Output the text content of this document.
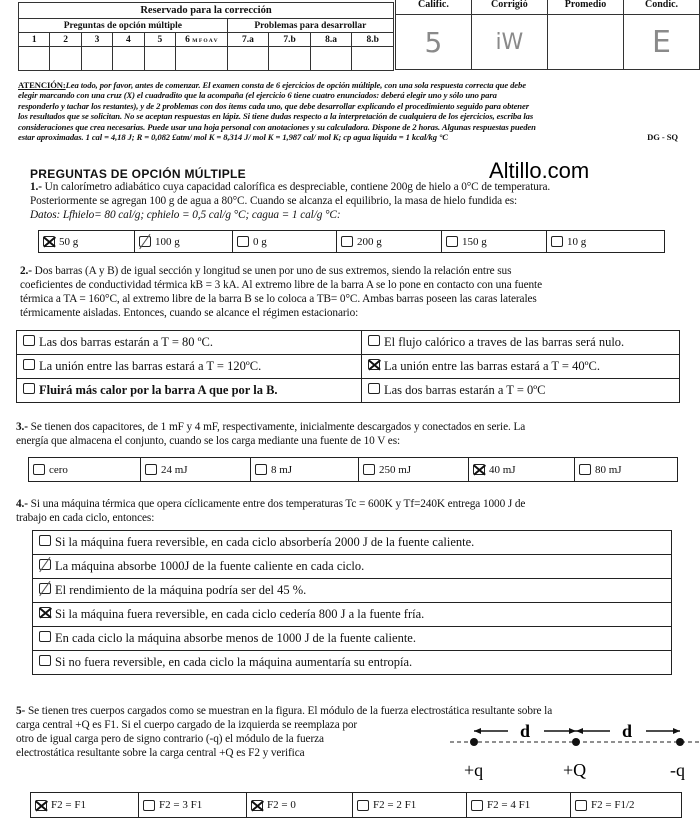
Reservado para la corrección									
Preguntas de opción múltiple						Problemas para desarrollar			
1	2	3	4	5	6 M F O A V	7.a	7.b	8.a	8.b

Calific.	Corrigió	Promedio	Condic.
5	iW		E
ATENCIÓN:Lea todo, por favor, antes de comenzar. El examen consta de 6 ejercicios de opción múltiple, con una sola respuesta correcta que debe
elegir marcando con una cruz (X) el cuadradito que la acompaña (el ejercicio 6 tiene cuatro enunciados: deberá elegir uno y sólo uno para
responderlo y tachar los restantes), y de 2 problemas con dos ítems cada uno, que debe desarrollar explicando el procedimiento seguido para obtener
los resultados que se solicitan. No se aceptan respuestas en lápiz. Si tiene dudas respecto a la interpretación de cualquiera de los ejercicios, escriba las
consideraciones que crea necesarias. Puede usar una hoja personal con anotaciones y su calculadora. Dispone de 2 horas. Algunas respuestas pueden
estar aproximadas. 1 cal = 4,18 J; R = 0,082 £atm/ mol K = 8,314 J/ mol K = 1,987 cal/ mol K; cp agua líquida = 1 kcal/kg °C	DG - SQ
Altillo.com
PREGUNTAS DE OPCIÓN MÚLTIPLE
1.- Un calorímetro adiabático cuya capacidad calorífica es despreciable, contiene 200g de hielo a 0°C de temperatura.
Posteriormente se agregan 100 g de agua a 80°C. Cuando se alcanza el equilibrio, la masa de hielo fundida es:
Datos: Lfhielo= 80 cal/g; cphielo = 0,5 cal/g °C; cagua = 1 cal/g °C:
50 g	100 g	0 g	200 g	150 g	10 g
2.- Dos barras (A y B) de igual sección y longitud se unen por uno de sus extremos, siendo la relación entre sus
coeficientes de conductividad térmica kB = 3 kA. Al extremo libre de la barra A se lo pone en contacto con una fuente
térmica a TA = 160°C, al extremo libre de la barra B se lo coloca a TB= 0°C. Ambas barras poseen las caras laterales
térmicamente aisladas. Entonces, cuando se alcance el régimen estacionario:
Las dos barras estarán a T = 80 ºC.	El flujo calórico a traves de las barras será nulo.
La unión entre las barras estará a T = 120ºC.	La unión entre las barras estará a T = 40ºC.
Fluirá más calor por la barra A que por la B.	Las dos barras estarán a T = 0ºC
3.- Se tienen dos capacitores, de 1 mF y 4 mF, respectivamente, inicialmente descargados y conectados en serie. La
energía que almacena el conjunto, cuando se los carga mediante una fuente de 10 V es:
cero	24 mJ	8 mJ	250 mJ	40 mJ	80 mJ
4.- Si una máquina térmica que opera cíclicamente entre dos temperaturas Tc = 600K y Tf=240K entrega 1000 J de
trabajo en cada ciclo, entonces:
Si la máquina fuera reversible, en cada ciclo absorbería 2000 J de la fuente caliente.
La máquina absorbe 1000J de la fuente caliente en cada ciclo.
El rendimiento de la máquina podría ser del 45 %.
Si la máquina fuera reversible, en cada ciclo cedería 800 J a la fuente fría.
En cada ciclo la máquina absorbe menos de 1000 J de la fuente caliente.
Si no fuera reversible, en cada ciclo la máquina aumentaría su entropía.
5- Se tienen tres cuerpos cargados como se muestran en la figura. El módulo de la fuerza electrostática resultante sobre la
carga central +Q es F1. Si el cuerpo cargado de la izquierda se reemplaza por
otro de igual carga pero de signo contrario (-q) el módulo de la fuerza
electrostática resultante sobre la carga central +Q es F2 y verifica
d	d
+q	+Q	-q
F2 = F1	F2 = 3 F1	F2 = 0	F2 = 2 F1	F2 = 4 F1	F2 = F1/2
